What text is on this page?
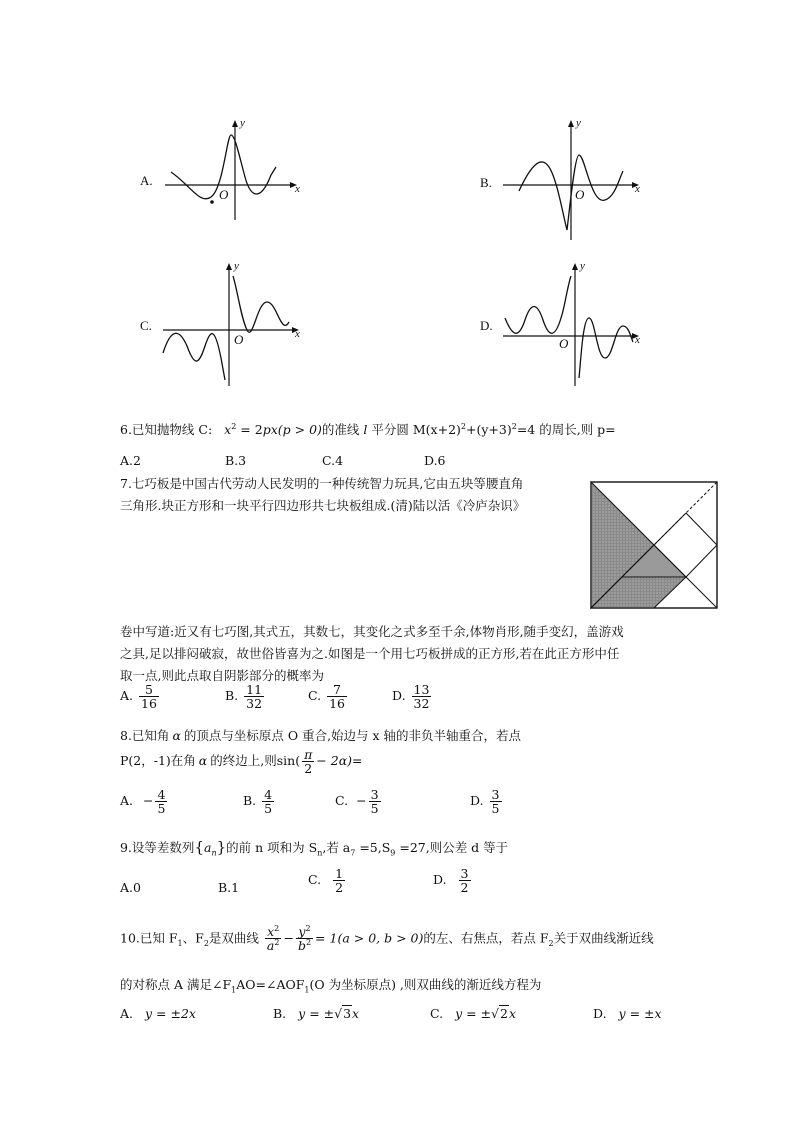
A.
y
x
O
B.
y
x
O
C.
y
x
O
D.
y
x
O
6.已知抛物线 C: $x^2 = 2px(p > 0)$的准线 l 平分圆 $M(x+2)^2+(y+3)^2=4$ 的周长,则 p=
A.2	B.3	C.4	D.6
7.七巧板是中国古代劳动人民发明的一种传统智力玩具,它由五块等腰直角
三角形.块正方形和一块平行四边形共七块板组成.(清)陆以活《冷庐杂识》
卷中写道:近又有七巧图,其式五，其数七，其变化之式多至千余,体物肖形,随手变幻，盖游戏
之具,足以排闷破寂，故世俗皆喜为之.如图是一个用七巧板拼成的正方形,若在此正方形中任
取一点,则此点取自阴影部分的概率为
A. $\frac{5}{16}$	B. $\frac{11}{32}$	C. $\frac{7}{16}$	D. $\frac{13}{32}$
8.已知角 α 的顶点与坐标原点 O 重合,始边与 x 轴的非负半轴重合，若点
P(2，-1)在角 α 的终边上,则$\sin( \frac{\pi}{2} - 2\alpha)=$
A. − $\frac{4}{5}$	B. $\frac{4}{5}$	C. − $\frac{3}{5}$	D. $\frac{3}{5}$
9.设等差数列$\{a_n\}$的前 n 项和为 $S_n$,若 $a_7 =5,S_9 =27$,则公差 d 等于
A.0	B.1
C. $\frac{1}{2}$	D. $\frac{3}{2}$
10.已知 $F_1$、$F_2$是双曲线 $\frac{x^2}{a^2} - \frac{y^2}{b^2} = 1(a > 0$, b > 0)的左、右焦点，若点 $F_2$关于双曲线渐近线
的对称点 A 满足$\angle F_1AO=\angle AOF_1(O$ 为坐标原点) ,则双曲线的渐近线方程为
A. y = ±2x	B. y = ±√3x	C. y = ±√2x	D. y = ±x
